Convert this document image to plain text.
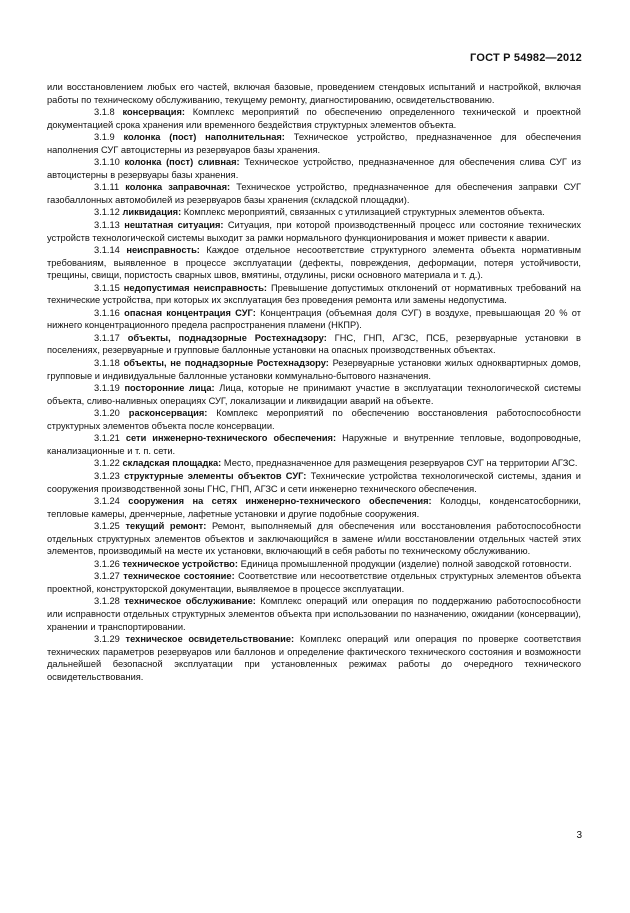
ГОСТ Р 54982—2012

или восстановлением любых его частей, включая базовые, проведением стендовых испытаний и настройкой, включая работы по техническому обслуживанию, текущему ремонту, диагностированию, освидетельствованию.

3.1.8 консервация: Комплекс мероприятий по обеспечению определенного технической и проектной документацией срока хранения или временного бездействия структурных элементов объекта.

3.1.9 колонка (пост) наполнительная: Техническое устройство, предназначенное для обеспечения наполнения СУГ автоцистерны из резервуаров базы хранения.

3.1.10 колонка (пост) сливная: Техническое устройство, предназначенное для обеспечения слива СУГ из автоцистерны в резервуары базы хранения.

3.1.11 колонка заправочная: Техническое устройство, предназначенное для обеспечения заправки СУГ газобаллонных автомобилей из резервуаров базы хранения (складской площадки).

3.1.12 ликвидация: Комплекс мероприятий, связанных с утилизацией структурных элементов объекта.

3.1.13 нештатная ситуация: Ситуация, при которой производственный процесс или состояние технических устройств технологической системы выходит за рамки нормального функционирования и может привести к аварии.

3.1.14 неисправность: Каждое отдельное несоответствие структурного элемента объекта нормативным требованиям, выявленное в процессе эксплуатации (дефекты, повреждения, деформации, потеря устойчивости, трещины, свищи, пористость сварных швов, вмятины, отдулины, риски основного материала и т. д.).

3.1.15 недопустимая неисправность: Превышение допустимых отклонений от нормативных требований на технические устройства, при которых их эксплуатация без проведения ремонта или замены недопустима.

3.1.16 опасная концентрация СУГ: Концентрация (объемная доля СУГ) в воздухе, превышающая 20 % от нижнего концентрационного предела распространения пламени (НКПР).

3.1.17 объекты, поднадзорные Ростехнадзору: ГНС, ГНП, АГЗС, ПСБ, резервуарные установки в поселениях, резервуарные и групповые баллонные установки на опасных производственных объектах.

3.1.18 объекты, не поднадзорные Ростехнадзору: Резервуарные установки жилых одноквартирных домов, групповые и индивидуальные баллонные установки коммунально-бытового назначения.

3.1.19 посторонние лица: Лица, которые не принимают участие в эксплуатации технологической системы объекта, сливо-наливных операциях СУГ, локализации и ликвидации аварий на объекте.

3.1.20 расконсервация: Комплекс мероприятий по обеспечению восстановления работоспособности структурных элементов объекта после консервации.

3.1.21 сети инженерно-технического обеспечения: Наружные и внутренние тепловые, водопроводные, канализационные и т. п. сети.

3.1.22 складская площадка: Место, предназначенное для размещения резервуаров СУГ на территории АГЗС.

3.1.23 структурные элементы объектов СУГ: Технические устройства технологической системы, здания и сооружения производственной зоны ГНС, ГНП, АГЗС и сети инженерно технического обеспечения.

3.1.24 сооружения на сетях инженерно-технического обеспечения: Колодцы, конденсатосборники, тепловые камеры, дренчерные, лафетные установки и другие подобные сооружения.

3.1.25 текущий ремонт: Ремонт, выполняемый для обеспечения или восстановления работоспособности отдельных структурных элементов объектов и заключающийся в замене и/или восстановлении отдельных частей этих элементов, производимый на месте их установки, включающий в себя работы по техническому обслуживанию.

3.1.26 техническое устройство: Единица промышленной продукции (изделие) полной заводской готовности.

3.1.27 техническое состояние: Соответствие или несоответствие отдельных структурных элементов объекта проектной, конструкторской документации, выявляемое в процессе эксплуатации.

3.1.28 техническое обслуживание: Комплекс операций или операция по поддержанию работоспособности или исправности отдельных структурных элементов объекта при использовании по назначению, ожидании (консервации), хранении и транспортировании.

3.1.29 техническое освидетельствование: Комплекс операций или операция по проверке соответствия технических параметров резервуаров или баллонов и определение фактического технического состояния и возможности дальнейшей безопасной эксплуатации при установленных режимах работы до очередного технического освидетельствования.

3
